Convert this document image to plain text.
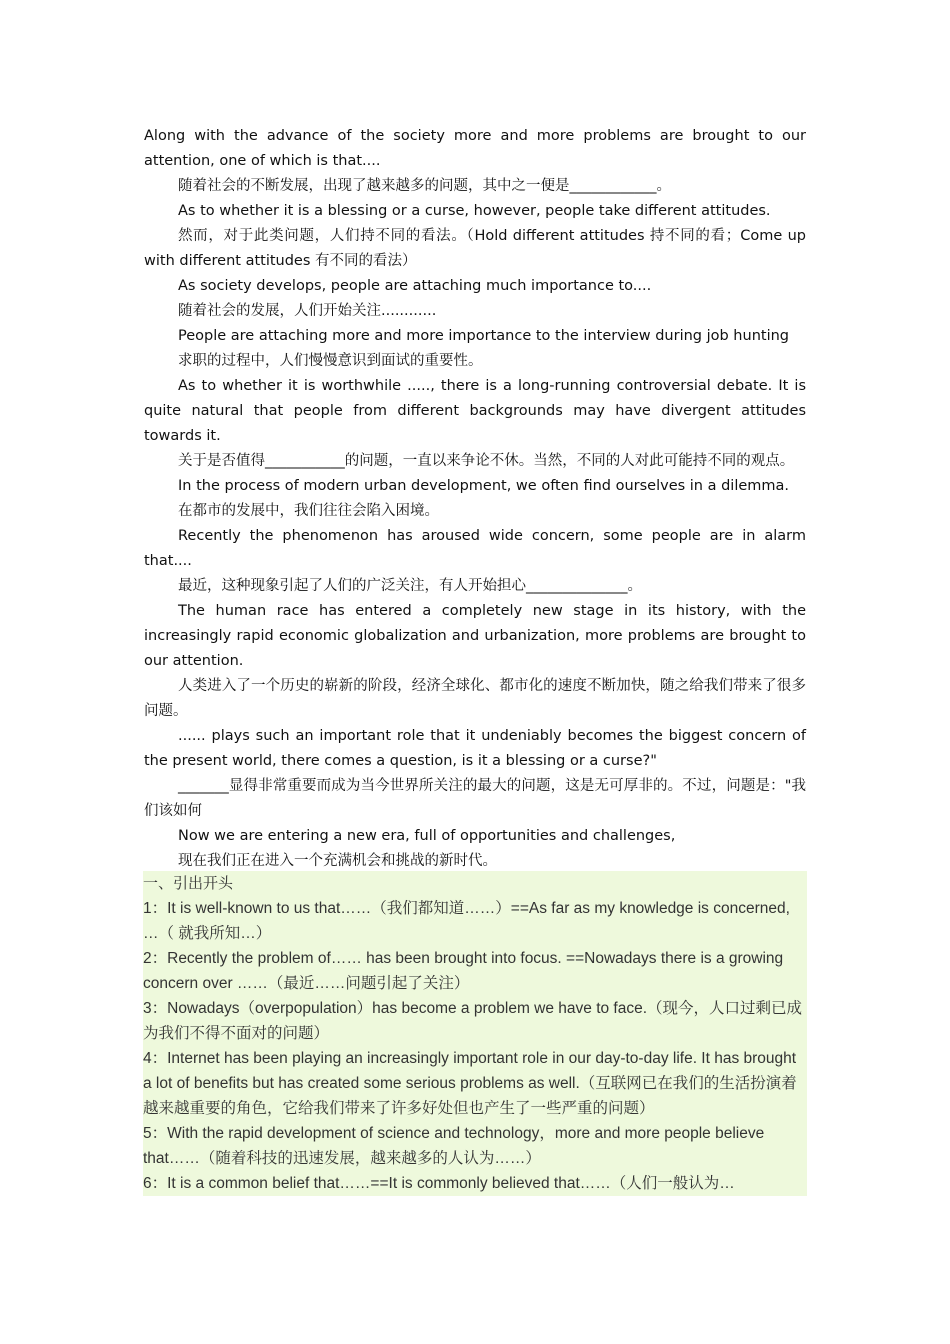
Along with the advance of the society more and more problems are brought to our attention, one of which is that....

随着社会的不断发展，出现了越来越多的问题，其中之一便是____________。

As to whether it is a blessing or a curse, however, people take different attitudes.

然而，对于此类问题，人们持不同的看法。（Hold different attitudes 持不同的看；Come up with different attitudes 有不同的看法）

As society develops, people are attaching much importance to....

随着社会的发展，人们开始关注............

People are attaching more and more importance to the interview during job hunting

求职的过程中，人们慢慢意识到面试的重要性。

As to whether it is worthwhile ....., there is a long-running controversial debate. It is quite natural that people from different backgrounds may have divergent attitudes towards it.

关于是否值得___________的问题，一直以来争论不休。当然，不同的人对此可能持不同的观点。

In the process of modern urban development, we often find ourselves in a dilemma.

在都市的发展中，我们往往会陷入困境。

Recently the phenomenon has aroused wide concern, some people are in alarm that....

最近，这种现象引起了人们的广泛关注，有人开始担心______________。

The human race has entered a completely new stage in its history, with the increasingly rapid economic globalization and urbanization, more problems are brought to our attention.

人类进入了一个历史的崭新的阶段，经济全球化、都市化的速度不断加快，随之给我们带来了很多问题。

...... plays such an important role that it undeniably becomes the biggest concern of the present world, there comes a question, is it a blessing or a curse?"

_______显得非常重要而成为当今世界所关注的最大的问题，这是无可厚非的。不过，问题是："我们该如何

Now we are entering a new era, full of opportunities and challenges,

现在我们正在进入一个充满机会和挑战的新时代。

一、引出开头

1：It is well-known to us that……（我们都知道……）==As far as my knowledge is concerned, …（ 就我所知…）

2：Recently the problem of…… has been brought into focus. ==Nowadays there is a growing concern over ……（最近……问题引起了关注）

3：Nowadays（overpopulation）has become a problem we have to face.（现今，人口过剩已成为我们不得不面对的问题）

4：Internet has been playing an increasingly important role in our day-to-day life. It has brought a lot of benefits but has created some serious problems as well.（互联网已在我们的生活扮演着越来越重要的角色，它给我们带来了许多好处但也产生了一些严重的问题）

5：With the rapid development of science and technology，more and more people believe that……（随着科技的迅速发展，越来越多的人认为……）

6：It is a common belief that……==It is commonly believed that……（人们一般认为…
